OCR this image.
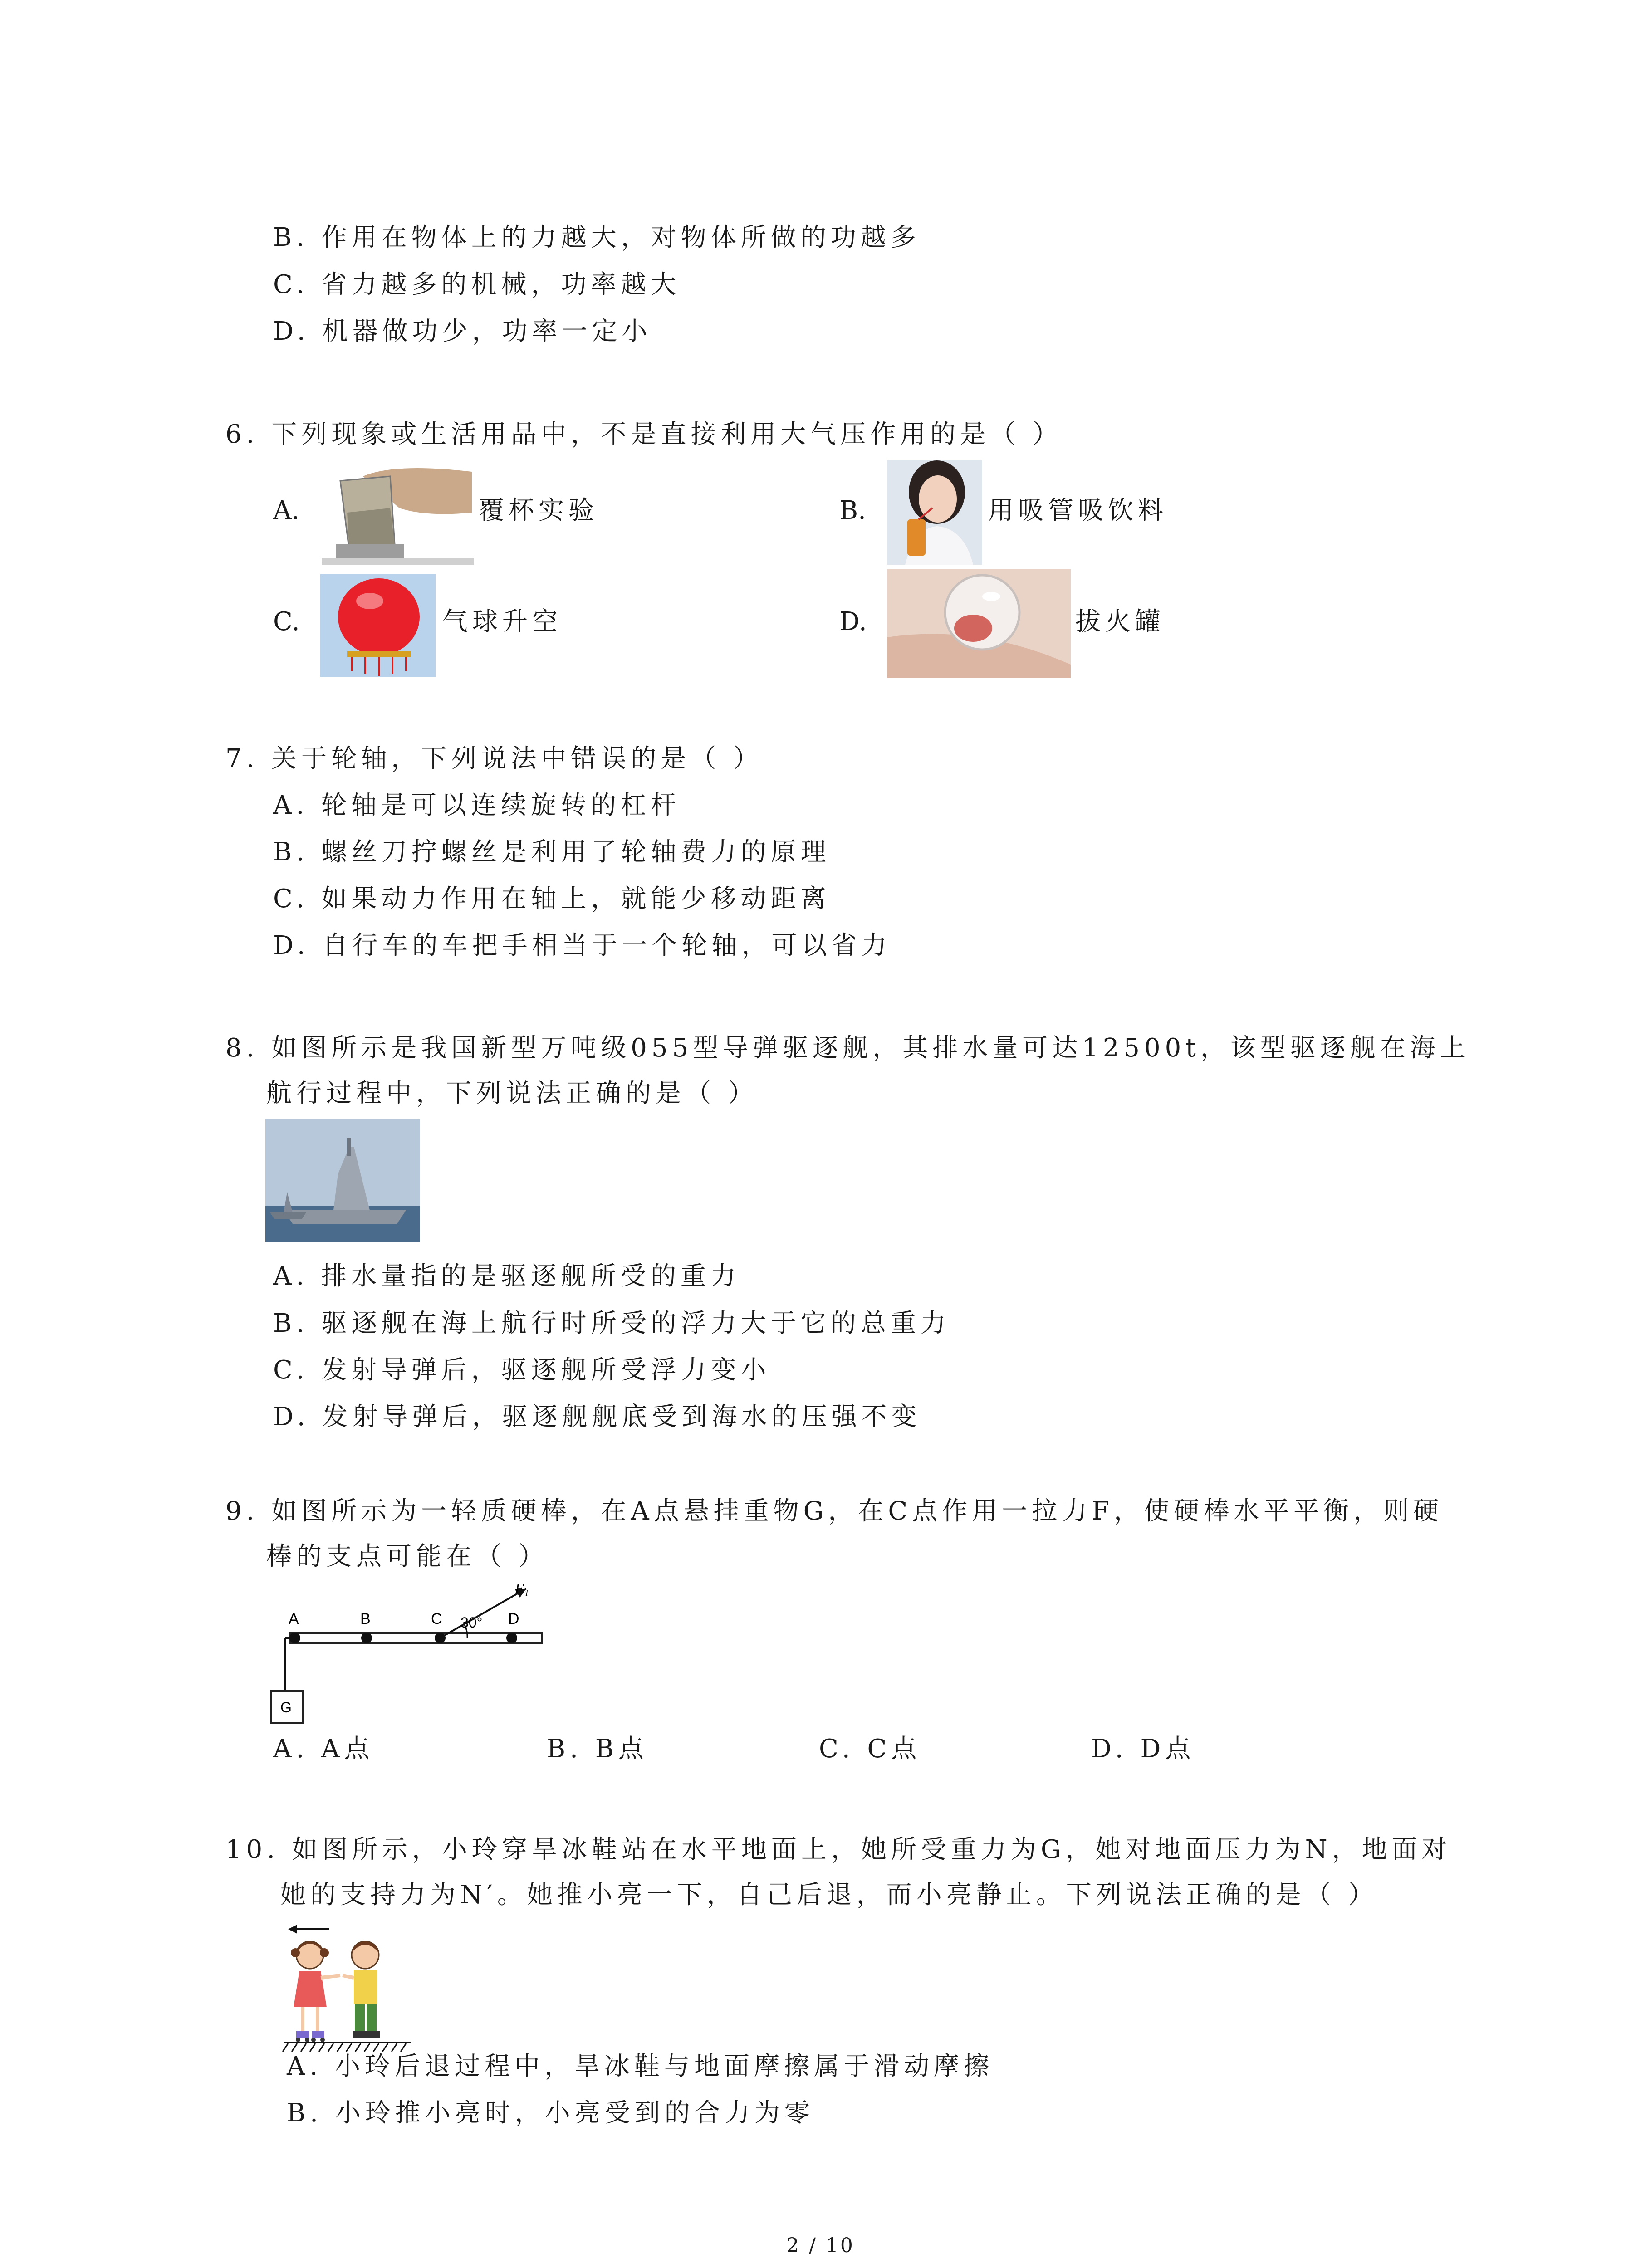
B. 作用在物体上的力越大，对物体所做的功越多
C. 省力越多的机械，功率越大
D. 机器做功少，功率一定小
6. 下列现象或生活用品中，不是直接利用大气压作用的是（ ）
A.	覆杯实验	B.	用吸管吸饮料
C.	气球升空	D.	拔火罐
7. 关于轮轴，下列说法中错误的是（ ）
A. 轮轴是可以连续旋转的杠杆
B. 螺丝刀拧螺丝是利用了轮轴费力的原理
C. 如果动力作用在轴上，就能少移动距离
D. 自行车的车把手相当于一个轮轴，可以省力
8. 如图所示是我国新型万吨级055型导弹驱逐舰，其排水量可达12500t，该型驱逐舰在海上
航行过程中，下列说法正确的是（ ）
A. 排水量指的是驱逐舰所受的重力
B. 驱逐舰在海上航行时所受的浮力大于它的总重力
C. 发射导弹后，驱逐舰所受浮力变小
D. 发射导弹后，驱逐舰舰底受到海水的压强不变
9. 如图所示为一轻质硬棒，在A点悬挂重物G，在C点作用一拉力F，使硬棒水平平衡，则硬
棒的支点可能在（ ）
A	B	C	D
F₁
30°
G
A. A点	B. B点	C. C点	D. D点
10. 如图所示，小玲穿旱冰鞋站在水平地面上，她所受重力为G，她对地面压力为N，地面对
她的支持力为N′。她推小亮一下，自己后退，而小亮静止。下列说法正确的是（ ）
A. 小玲后退过程中，旱冰鞋与地面摩擦属于滑动摩擦
B. 小玲推小亮时，小亮受到的合力为零
2 / 10
